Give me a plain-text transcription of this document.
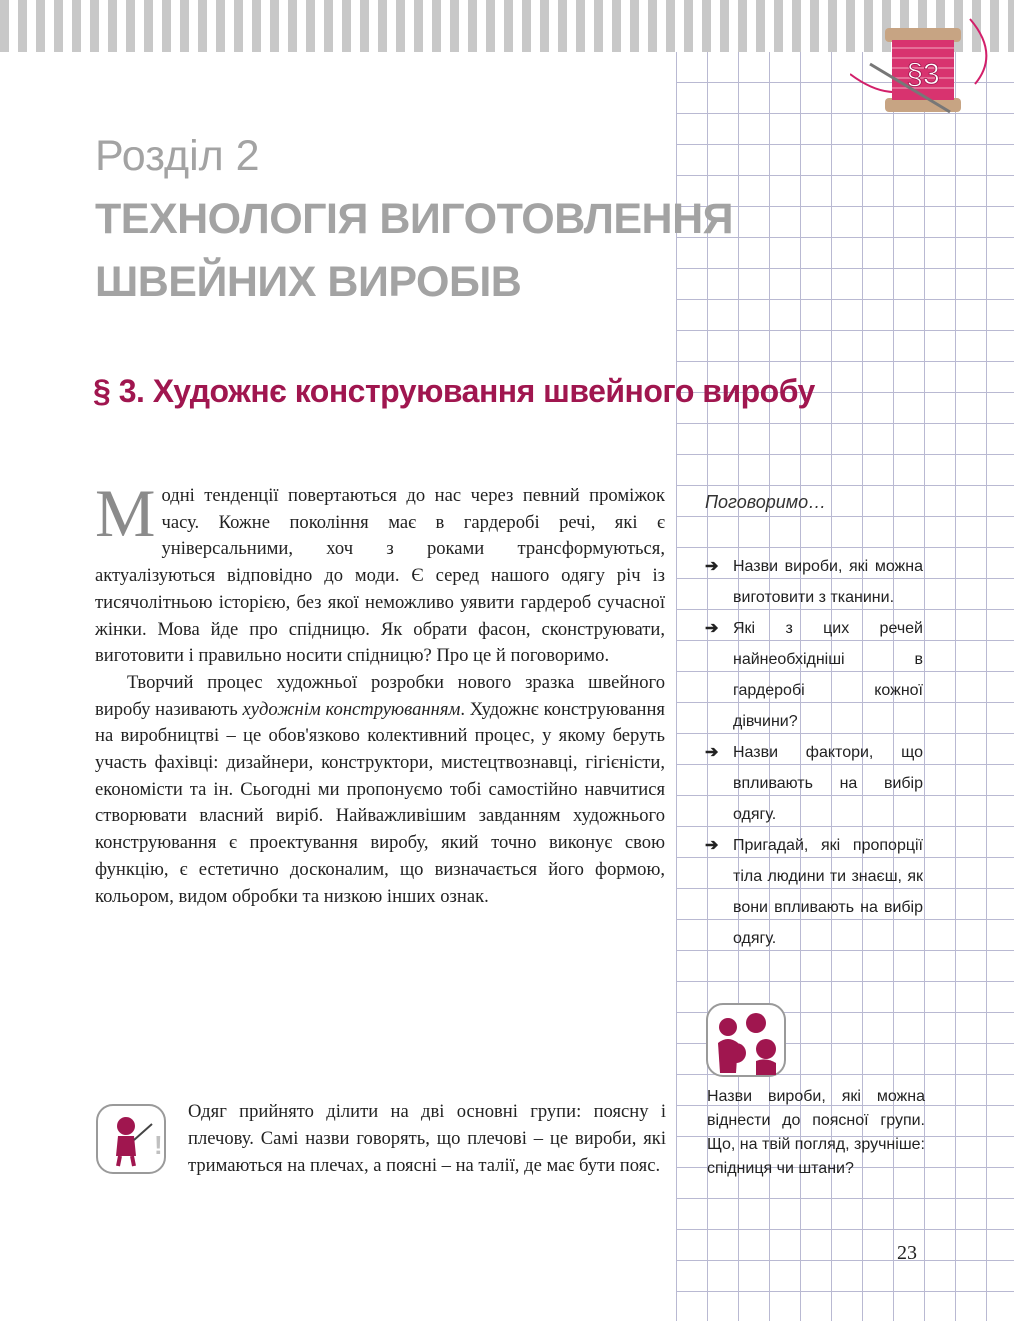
§3
Розділ 2
ТЕХНОЛОГІЯ ВИГОТОВЛЕННЯ ШВЕЙНИХ ВИРОБІВ
§ 3. Художнє конструювання швейного виробу

Модні тенденції повертаються до нас через певний проміжок часу. Кожне покоління має в гардеробі речі, які є універсальними, хоч з роками трансформуються, актуалізуються відповідно до моди. Є серед нашого одягу річ із тисячолітньою історією, без якої неможливо уявити гардероб сучасної жінки. Мова йде про спідницю. Як обрати фасон, сконструювати, виготовити і правильно носити спідницю? Про це й поговоримо.

Творчий процес художньої розробки нового зразка швейного виробу називають художнім конструюванням. Художнє конструювання на виробництві – це обов'язково колективний процес, у якому беруть участь фахівці: дизайнери, конструктори, мистецтвознавці, гігієністи, економісти та ін. Сьогодні ми пропонуємо тобі самостійно навчитися створювати власний виріб. Найважливішим завданням художнього конструювання є проектування виробу, який точно виконує свою функцію, є естетично досконалим, що визначається його формою, кольором, видом обробки та низкою інших ознак.

!
Одяг прийнято ділити на дві основні групи: поясну і плечову. Самі назви говорять, що плечові – це вироби, які тримаються на плечах, а поясні – на талії, де має бути пояс.
Поговоримо…
➔ Назви вироби, які можна виготовити з тканини.
➔ Які з цих речей найнеобхідніші в гардеробі кожної дівчини?
➔ Назви фактори, що впливають на вибір одягу.
➔ Пригадай, які пропорції тіла людини ти знаєш, як вони впливають на вибір одягу.
Назви вироби, які можна віднести до поясної групи. Що, на твій погляд, зручніше: спідниця чи штани?
23
